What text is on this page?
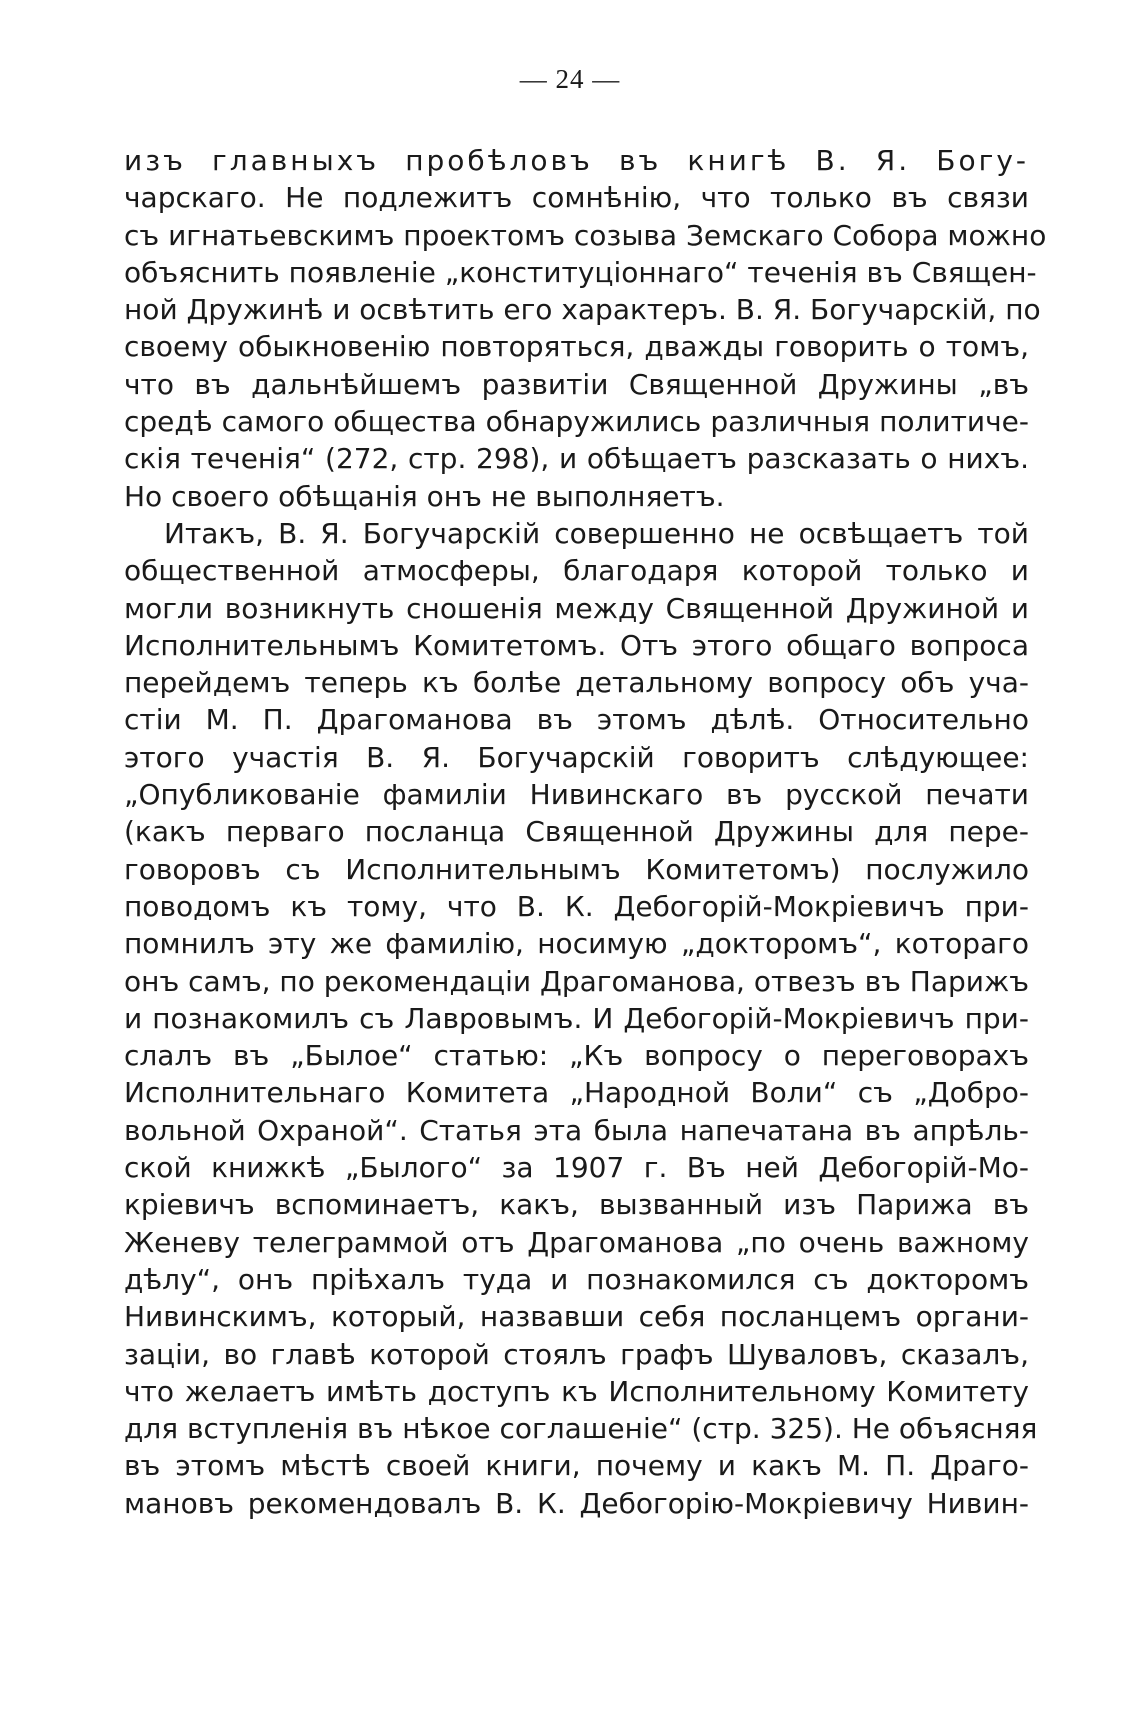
— 24 —
изъ главныхъ пробѣловъ въ книгѣ В. Я. Богу-
чарскаго. Не подлежитъ сомнѣнію, что только въ связи
съ игнатьевскимъ проектомъ созыва Земскаго Собора можно
объяснить появленіе „конституціоннаго“ теченія въ Священ-
ной Дружинѣ и освѣтить его характеръ. В. Я. Богучарскій, по
своему обыкновенію повторяться, дважды говорить о томъ,
что въ дальнѣйшемъ развитіи Священной Дружины „въ
средѣ самого общества обнаружились различныя политиче-
скія теченія“ (272, стр. 298), и обѣщаетъ разсказать о нихъ.
Но своего обѣщанія онъ не выполняетъ.
Итакъ, В. Я. Богучарскій совершенно не освѣщаетъ той
общественной атмосферы, благодаря которой только и
могли возникнуть сношенія между Священной Дружиной и
Исполнительнымъ Комитетомъ. Отъ этого общаго вопроса
перейдемъ теперь къ болѣе детальному вопросу объ уча-
стіи М. П. Драгоманова въ этомъ дѣлѣ. Относительно
этого участія В. Я. Богучарскій говоритъ слѣдующее:
„Опубликованіе фамиліи Нивинскаго въ русской печати
(какъ перваго посланца Священной Дружины для пере-
говоровъ съ Исполнительнымъ Комитетомъ) послужило
поводомъ къ тому, что В. К. Дебогорій-Мокріевичъ при-
помнилъ эту же фамилію, носимую „докторомъ“, котораго
онъ самъ, по рекомендаціи Драгоманова, отвезъ въ Парижъ
и познакомилъ съ Лавровымъ. И Дебогорій-Мокріевичъ при-
слалъ въ „Былое“ статью: „Къ вопросу о переговорахъ
Исполнительнаго Комитета „Народной Воли“ съ „Добро-
вольной Охраной“. Статья эта была напечатана въ апрѣль-
ской книжкѣ „Былого“ за 1907 г. Въ ней Дебогорій-Мо-
кріевичъ вспоминаетъ, какъ, вызванный изъ Парижа въ
Женеву телеграммой отъ Драгоманова „по очень важному
дѣлу“, онъ пріѣхалъ туда и познакомился съ докторомъ
Нивинскимъ, который, назвавши себя посланцемъ органи-
заціи, во главѣ которой стоялъ графъ Шуваловъ, сказалъ,
что желаетъ имѣть доступъ къ Исполнительному Комитету
для вступленія въ нѣкое соглашеніе“ (стр. 325). Не объясняя
въ этомъ мѣстѣ своей книги, почему и какъ М. П. Драго-
мановъ рекомендовалъ В. К. Дебогорію-Мокріевичу Нивин-
